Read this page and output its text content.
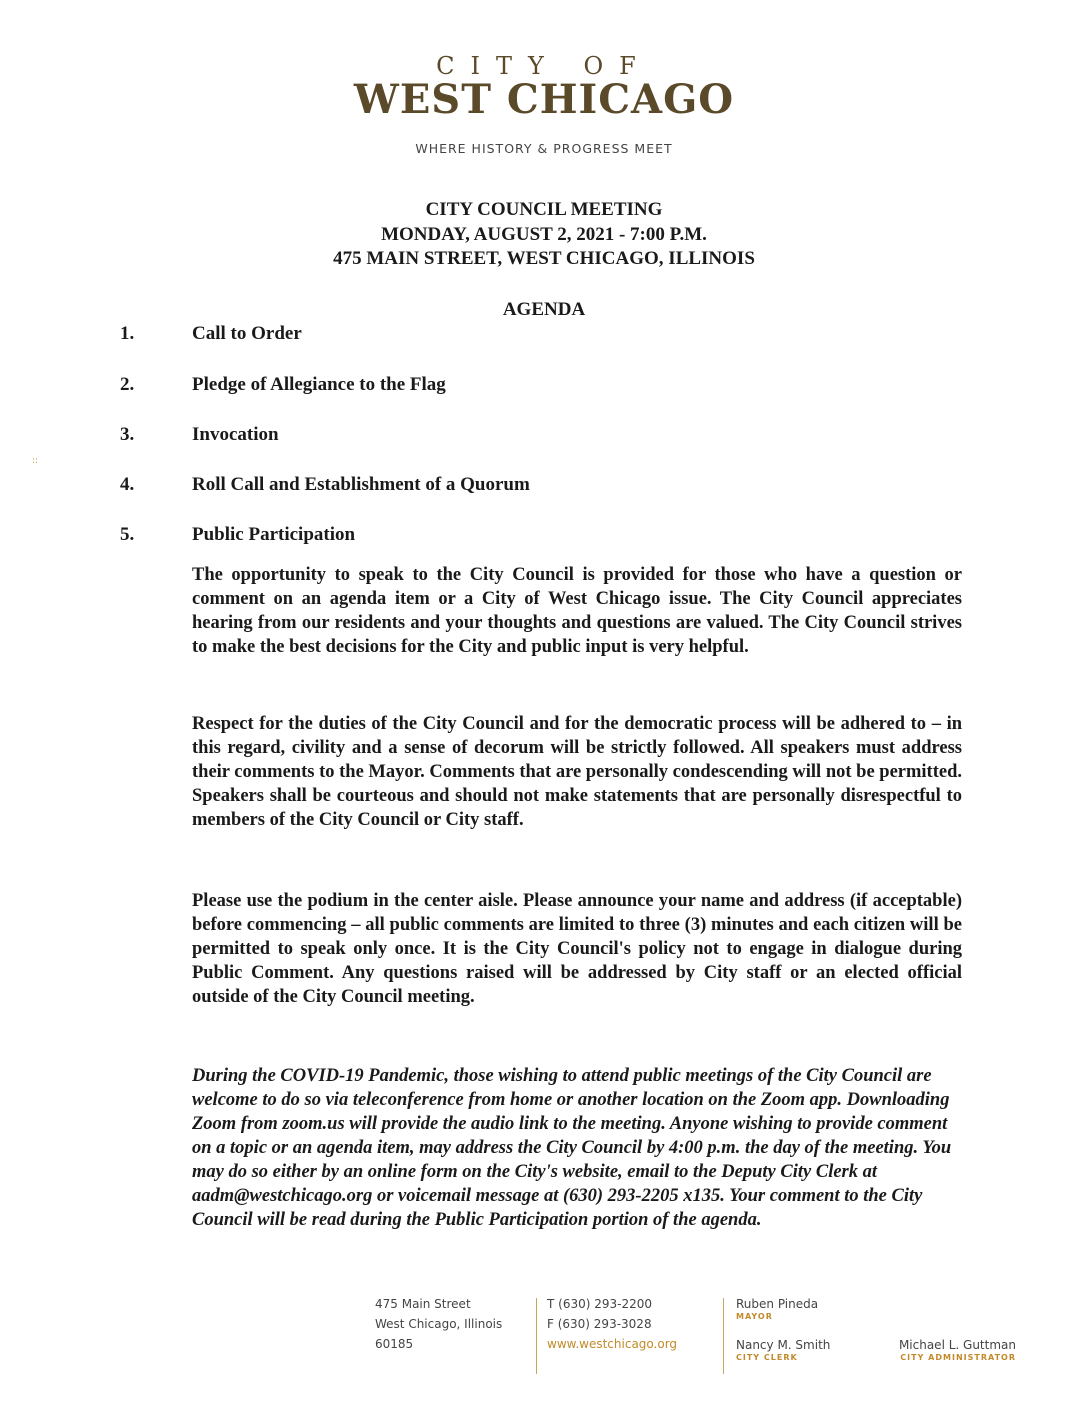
CITY OF
WEST CHICAGO
WHERE HISTORY & PROGRESS MEET
CITY COUNCIL MEETING
MONDAY, AUGUST 2, 2021 - 7:00 P.M.
475 MAIN STREET, WEST CHICAGO, ILLINOIS
AGENDA
1.	Call to Order
2.	Pledge of Allegiance to the Flag
3.	Invocation
4.	Roll Call and Establishment of a Quorum
5.	Public Participation

The opportunity to speak to the City Council is provided for those who have a question or comment on an agenda item or a City of West Chicago issue. The City Council appreciates hearing from our residents and your thoughts and questions are valued. The City Council strives to make the best decisions for the City and public input is very helpful.

Respect for the duties of the City Council and for the democratic process will be adhered to – in this regard, civility and a sense of decorum will be strictly followed. All speakers must address their comments to the Mayor. Comments that are personally condescending will not be permitted. Speakers shall be courteous and should not make statements that are personally disrespectful to members of the City Council or City staff.

Please use the podium in the center aisle. Please announce your name and address (if acceptable) before commencing – all public comments are limited to three (3) minutes and each citizen will be permitted to speak only once. It is the City Council's policy not to engage in dialogue during Public Comment. Any questions raised will be addressed by City staff or an elected official outside of the City Council meeting.

During the COVID-19 Pandemic, those wishing to attend public meetings of the City Council are welcome to do so via teleconference from home or another location on the Zoom app. Downloading Zoom from zoom.us will provide the audio link to the meeting. Anyone wishing to provide comment on a topic or an agenda item, may address the City Council by 4:00 p.m. the day of the meeting. You may do so either by an online form on the City's website, email to the Deputy City Clerk at aadm@westchicago.org or voicemail message at (630) 293-2205 x135. Your comment to the City Council will be read during the Public Participation portion of the agenda.

475 Main Street
West Chicago, Illinois
60185
T (630) 293-2200
F (630) 293-3028
www.westchicago.org
Ruben Pineda
MAYOR
Nancy M. Smith
CITY CLERK
Michael L. Guttman
CITY ADMINISTRATOR
::
